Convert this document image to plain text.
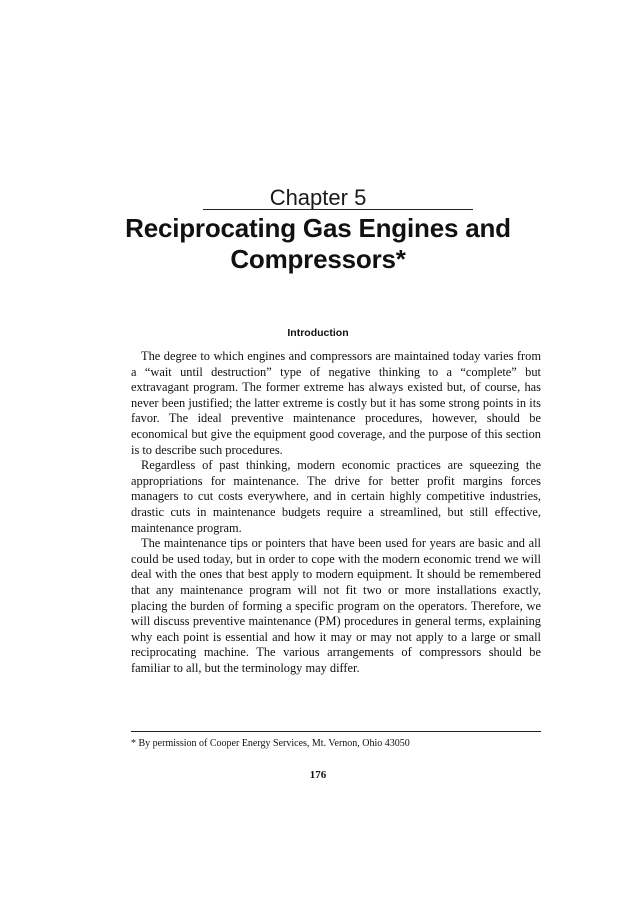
Chapter 5
Reciprocating Gas Engines and
Compressors*
Introduction

The degree to which engines and compressors are maintained today varies from a “wait until destruction” type of negative thinking to a “complete” but extravagant program. The former extreme has always existed but, of course, has never been justified; the latter extreme is costly but it has some strong points in its favor. The ideal preventive maintenance procedures, however, should be economical but give the equipment good coverage, and the purpose of this section is to describe such procedures.

Regardless of past thinking, modern economic practices are squeezing the appropriations for maintenance. The drive for better profit margins forces managers to cut costs everywhere, and in certain highly competitive industries, drastic cuts in maintenance budgets require a streamlined, but still effective, maintenance program.

The maintenance tips or pointers that have been used for years are basic and all could be used today, but in order to cope with the modern economic trend we will deal with the ones that best apply to modern equipment. It should be remembered that any maintenance program will not fit two or more installations exactly, placing the burden of forming a specific program on the operators. Therefore, we will discuss preventive maintenance (PM) procedures in general terms, explaining why each point is essential and how it may or may not apply to a large or small reciprocating machine. The various arrangements of compressors should be familiar to all, but the terminology may differ.

* By permission of Cooper Energy Services, Mt. Vernon, Ohio 43050
176
